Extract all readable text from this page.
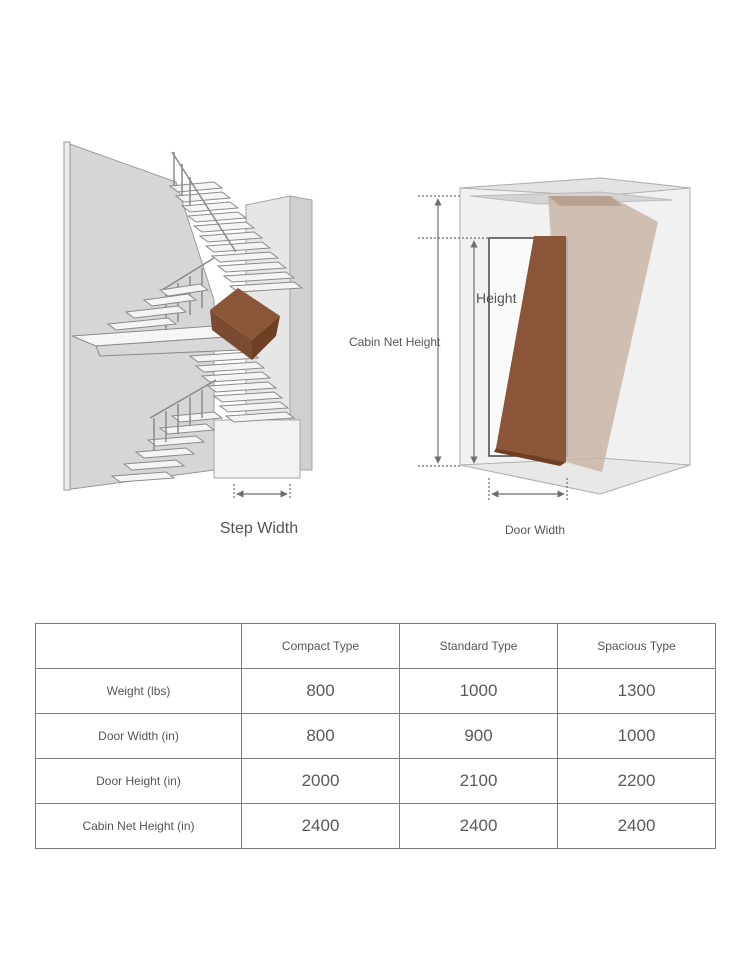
Step Width
Cabin Net Height
Height
Door Width
	Compact Type	Standard Type	Spacious Type
Weight (lbs)	800	1000	1300
Door Width (in)	800	900	1000
Door Height (in)	2000	2100	2200
Cabin Net Height (in)	2400	2400	2400
